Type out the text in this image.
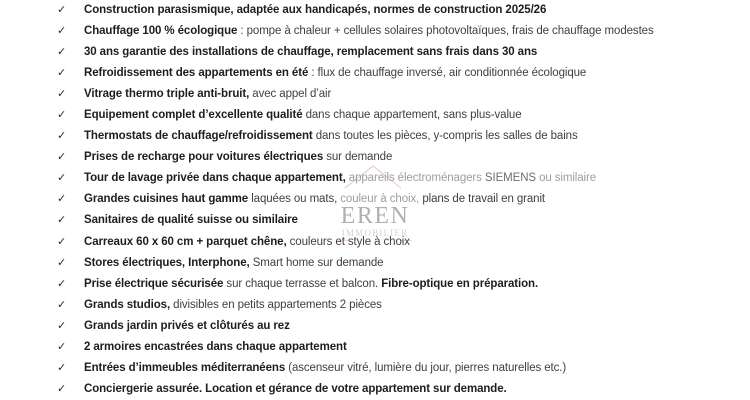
EREN
IMMOBILIER
✓ Construction parasismique, adaptée aux handicapés, normes de construction 2025/26
✓ Chauffage 100 % écologique : pompe à chaleur + cellules solaires photovoltaïques, frais de chauffage modestes
✓ 30 ans garantie des installations de chauffage, remplacement sans frais dans 30 ans
✓ Refroidissement des appartements en été : flux de chauffage inversé, air conditionnée écologique
✓ Vitrage thermo triple anti-bruit, avec appel d’air
✓ Equipement complet d’excellente qualité dans chaque appartement, sans plus-value
✓ Thermostats de chauffage/refroidissement dans toutes les pièces, y-compris les salles de bains
✓ Prises de recharge pour voitures électriques sur demande
✓ Tour de lavage privée dans chaque appartement, appareils électroménagers SIEMENS ou similaire
✓ Grandes cuisines haut gamme laquées ou mats, couleur à choix, plans de travail en granit
✓ Sanitaires de qualité suisse ou similaire
✓ Carreaux 60 x 60 cm + parquet chêne, couleurs et style à choix
✓ Stores électriques, Interphone, Smart home sur demande
✓ Prise électrique sécurisée sur chaque terrasse et balcon. Fibre-optique en préparation.
✓ Grands studios, divisibles en petits appartements 2 pièces
✓ Grands jardin privés et clôturés au rez
✓ 2 armoires encastrées dans chaque appartement
✓ Entrées d’immeubles méditerranéens (ascenseur vitré, lumière du jour, pierres naturelles etc.)
✓ Conciergerie assurée. Location et gérance de votre appartement sur demande.
